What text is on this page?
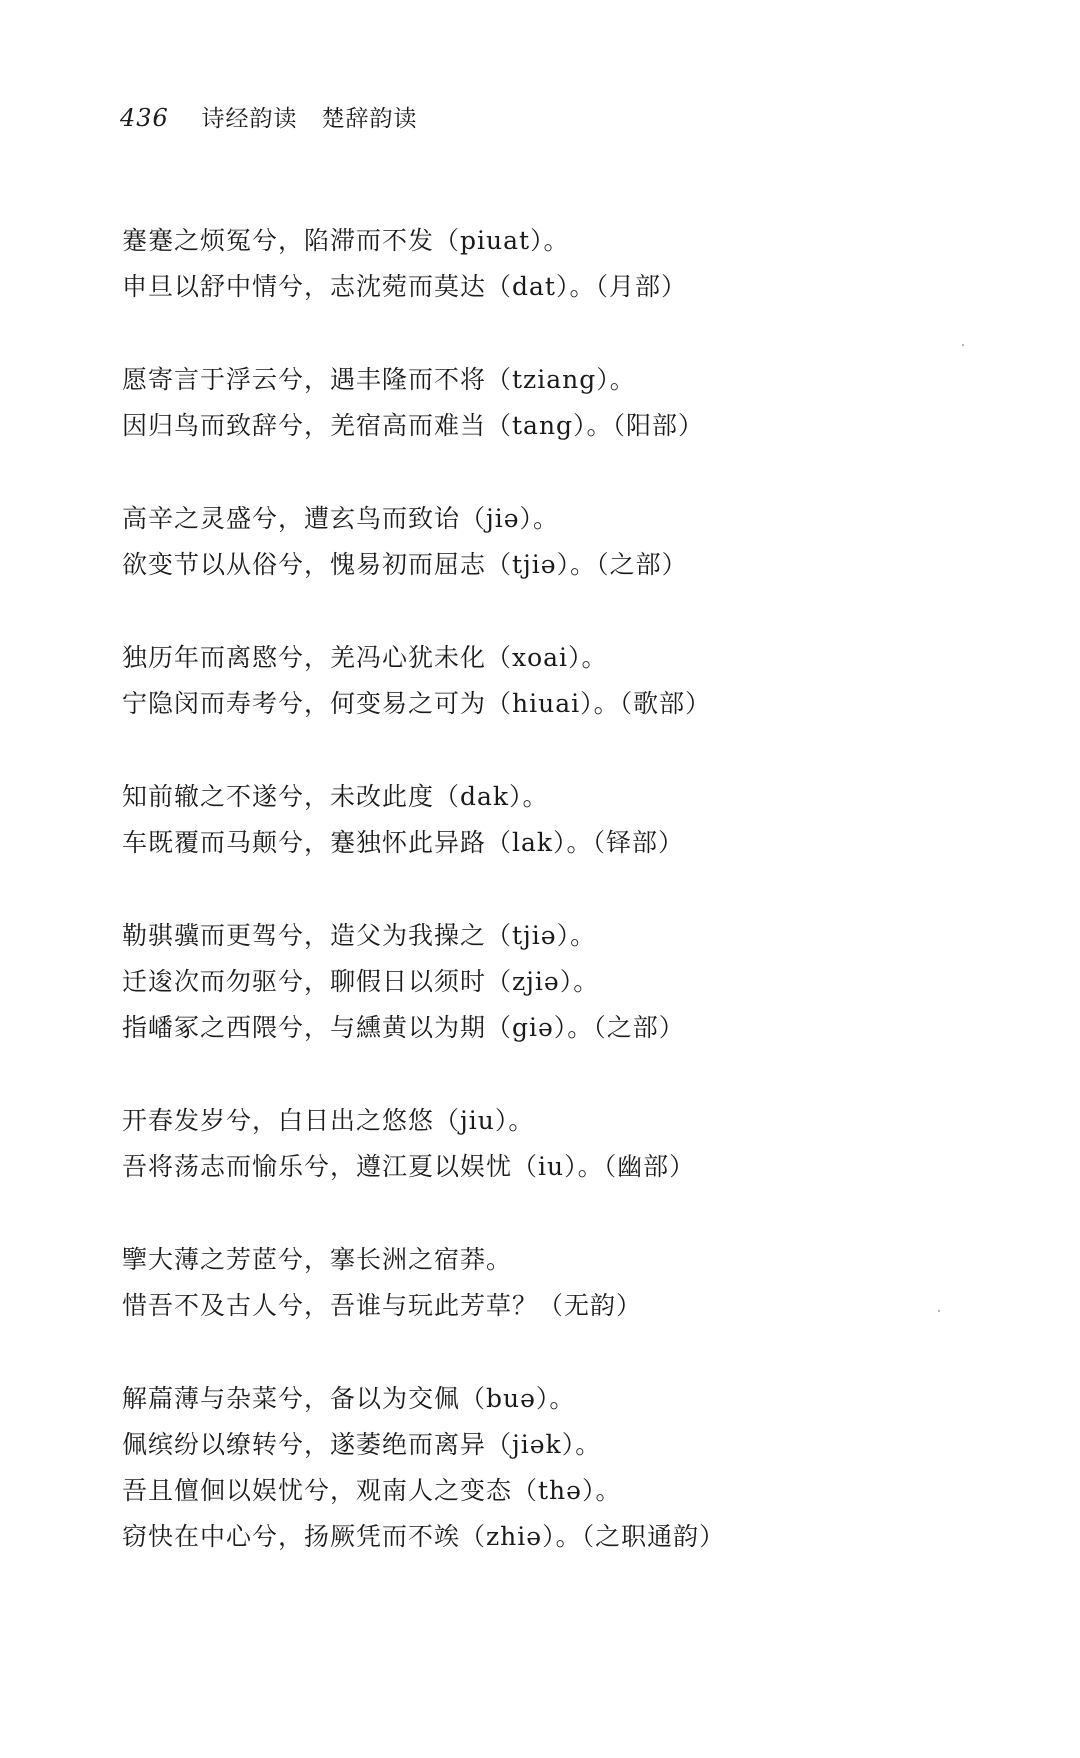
436 诗经韵读　楚辞韵读
蹇蹇之烦冤兮，陷滞而不发（piuat）。
申旦以舒中情兮，志沈菀而莫达（dat）。（月部）
愿寄言于浮云兮，遇丰隆而不将（tziang）。
因归鸟而致辞兮，羌宿高而难当（tang）。（阳部）
高辛之灵盛兮，遭玄鸟而致诒（jiə）。
欲变节以从俗兮，愧易初而屈志（tjiə）。（之部）
独历年而离愍兮，羌冯心犹未化（xoai）。
宁隐闵而寿考兮，何变易之可为（hiuai）。（歌部）
知前辙之不遂兮，未改此度（dak）。
车既覆而马颠兮，蹇独怀此异路（lak）。（铎部）
勒骐骥而更驾兮，造父为我操之（tjiə）。
迁逡次而勿驱兮，聊假日以须时（zjiə）。
指嶓冢之西隈兮，与纁黄以为期（giə）。（之部）
开春发岁兮，白日出之悠悠（jiu）。
吾将荡志而愉乐兮，遵江夏以娱忧（iu）。（幽部）
擥大薄之芳茝兮，搴长洲之宿莽。
惜吾不及古人兮，吾谁与玩此芳草？（无韵）
解萹薄与杂菜兮，备以为交佩（buə）。
佩缤纷以缭转兮，遂萎绝而离异（jiək）。
吾且儃佪以娱忧兮，观南人之变态（thə）。
窃快在中心兮，扬厥凭而不竢（zhiə）。（之职通韵）
